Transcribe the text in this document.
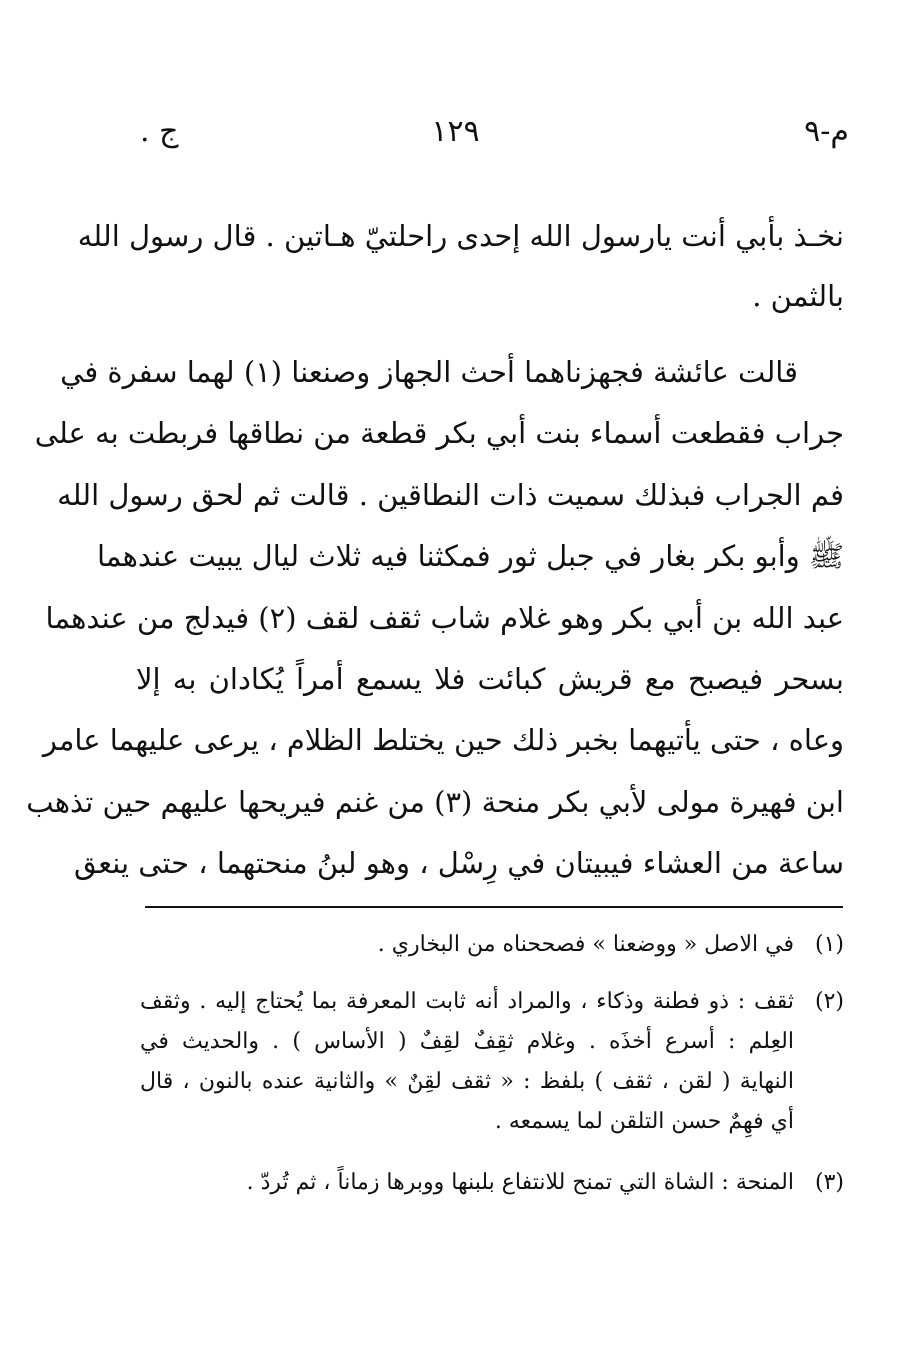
م-٩
١٢٩
ج .
نخـذ بأبي أنت يارسول الله إحدى راحلتيّ هـاتين . قال رسول الله
بالثمن .
قالت عائشة فجهزناهما أحث الجهاز وصنعنا (١) لهما سفرة في
جراب فقطعت أسماء بنت أبي بكر قطعة من نطاقها فربطت به على
فم الجراب فبذلك سميت ذات النطاقين . قالت ثم لحق رسول الله
ﷺ وأبو بكر بغار في جبل ثور فمكثنا فيه ثلاث ليال يبيت عندهما
عبد الله بن أبي بكر وهو غلام شاب ثقف لقف (٢) فيدلج من عندهما
بسحر فيصبح مع قريش كبائت فلا يسمع أمراً يُكادان به إلا
وعاه ، حتى يأتيهما بخبر ذلك حين يختلط الظلام ، يرعى عليهما عامر
ابن فهيرة مولى لأبي بكر منحة (٣) من غنم فيريحها عليهم حين تذهب
ساعة من العشاء فيبيتان في رِسْل ، وهو لبنُ منحتهما ، حتى ينعق
(١)
في الاصل « ووضعنا » فصححناه من البخاري .
(٢)
ثقف : ذو فطنة وذكاء ، والمراد أنه ثابت المعرفة بما يُحتاج إليه . وثقف
العِلم : أسرع أخذَه . وغلام ثقِفٌ لقِفٌ ( الأساس ) . والحديث في
النهاية ( لقن ، ثقف ) بلفظ : « ثقف لقِنٌ » والثانية عنده بالنون ، قال
أي فهِمٌ حسن التلقن لما يسمعه .
(٣)
المنحة : الشاة التي تمنح للانتفاع بلبنها ووبرها زماناً ، ثم تُردّ .
